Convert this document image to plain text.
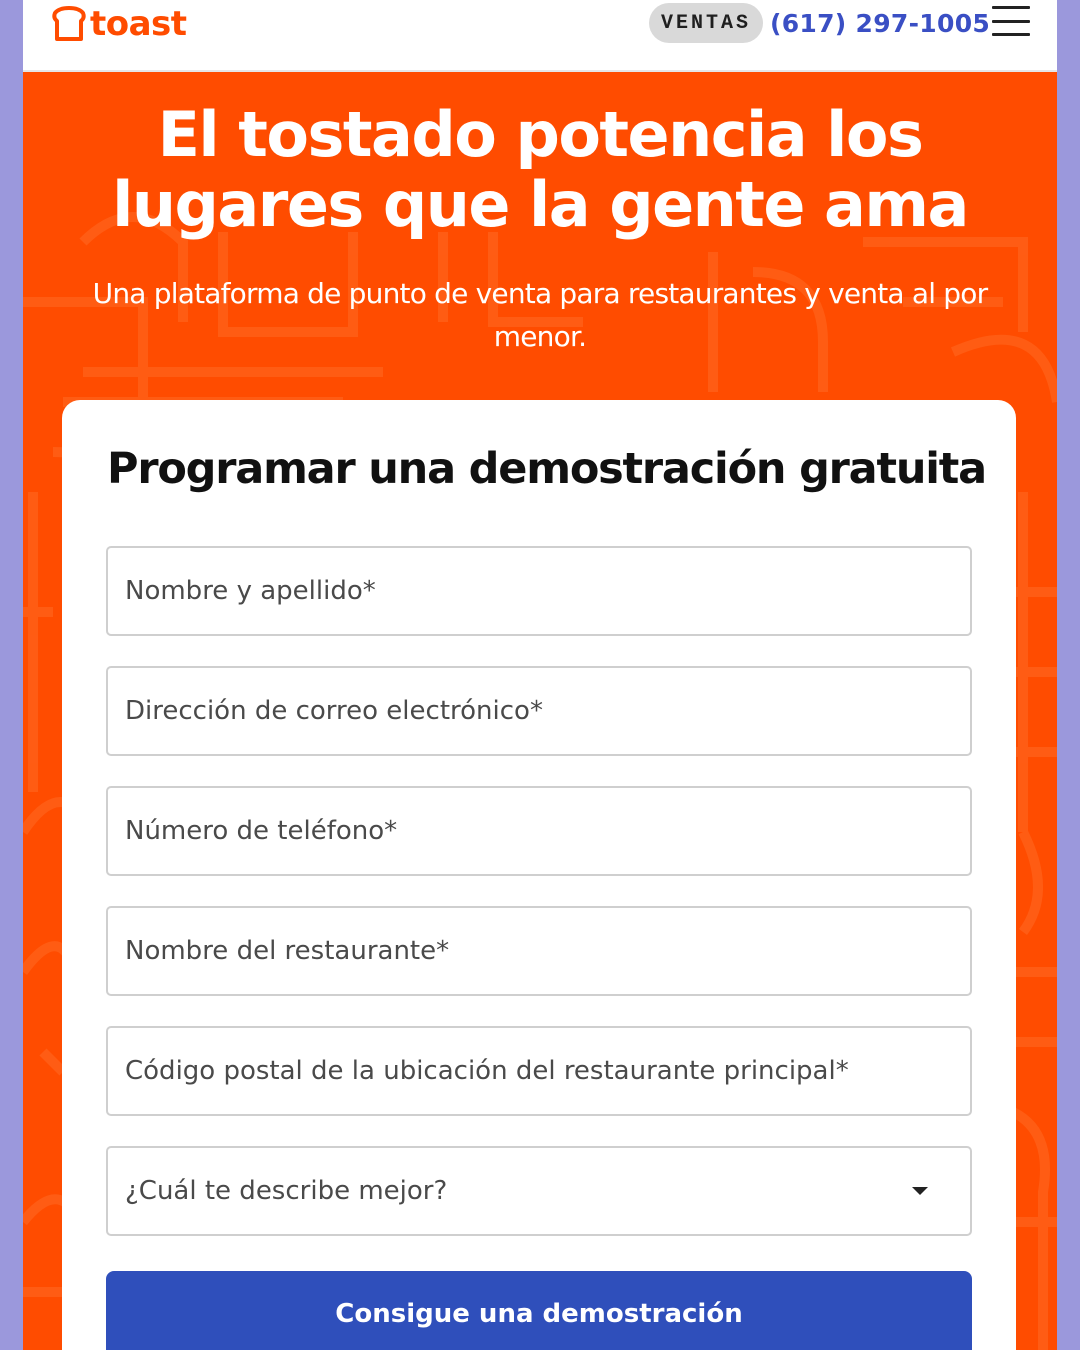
toast	VENTAS (617) 297-1005
El tostado potencia los lugares que la gente ama

Una plataforma de punto de venta para restaurantes y venta al por menor.

Programar una demostración gratuita
Nombre y apellido*
Dirección de correo electrónico*
Número de teléfono*
Nombre del restaurante*
Código postal de la ubicación del restaurante principal*
¿Cuál te describe mejor?
Consigue una demostración
